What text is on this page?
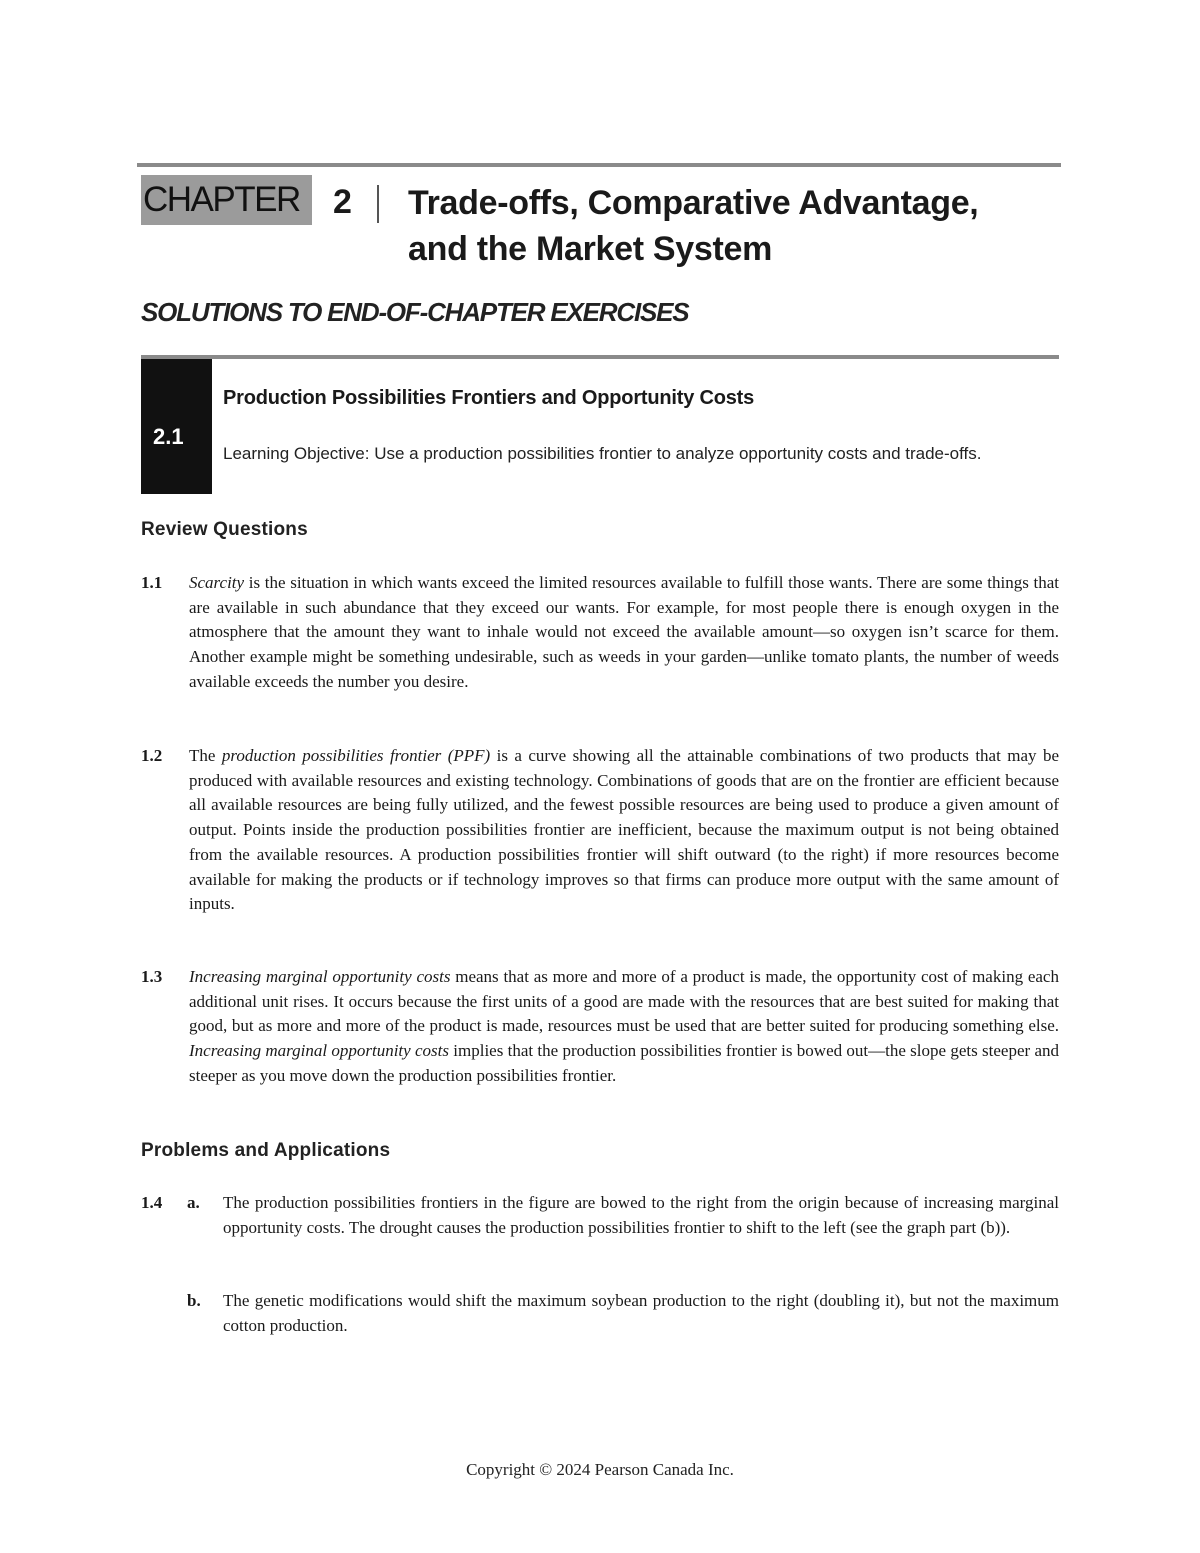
CHAPTER 2 Trade-offs, Comparative Advantage,
and the Market System
SOLUTIONS TO END-OF-CHAPTER EXERCISES
2.1
Production Possibilities Frontiers and Opportunity Costs
Learning Objective: Use a production possibilities frontier to analyze opportunity costs and trade-offs.
Review Questions
1.1 Scarcity is the situation in which wants exceed the limited resources available to fulfill those wants. There are some things that are available in such abundance that they exceed our wants. For example, for most people there is enough oxygen in the atmosphere that the amount they want to inhale would not exceed the available amount—so oxygen isn’t scarce for them. Another example might be something undesirable, such as weeds in your garden—unlike tomato plants, the number of weeds available exceeds the number you desire.
1.2 The production possibilities frontier (PPF) is a curve showing all the attainable combinations of two products that may be produced with available resources and existing technology. Combinations of goods that are on the frontier are efficient because all available resources are being fully utilized, and the fewest possible resources are being used to produce a given amount of output. Points inside the production possibilities frontier are inefficient, because the maximum output is not being obtained from the available resources. A production possibilities frontier will shift outward (to the right) if more resources become available for making the products or if technology improves so that firms can produce more output with the same amount of inputs.
1.3 Increasing marginal opportunity costs means that as more and more of a product is made, the opportunity cost of making each additional unit rises. It occurs because the first units of a good are made with the resources that are best suited for making that good, but as more and more of the product is made, resources must be used that are better suited for producing something else. Increasing marginal opportunity costs implies that the production possibilities frontier is bowed out—the slope gets steeper and steeper as you move down the production possibilities frontier.
Problems and Applications
1.4 a. The production possibilities frontiers in the figure are bowed to the right from the origin because of increasing marginal opportunity costs. The drought causes the production possibilities frontier to shift to the left (see the graph part (b)).
b. The genetic modifications would shift the maximum soybean production to the right (doubling it), but not the maximum cotton production.
Copyright © 2024 Pearson Canada Inc.
